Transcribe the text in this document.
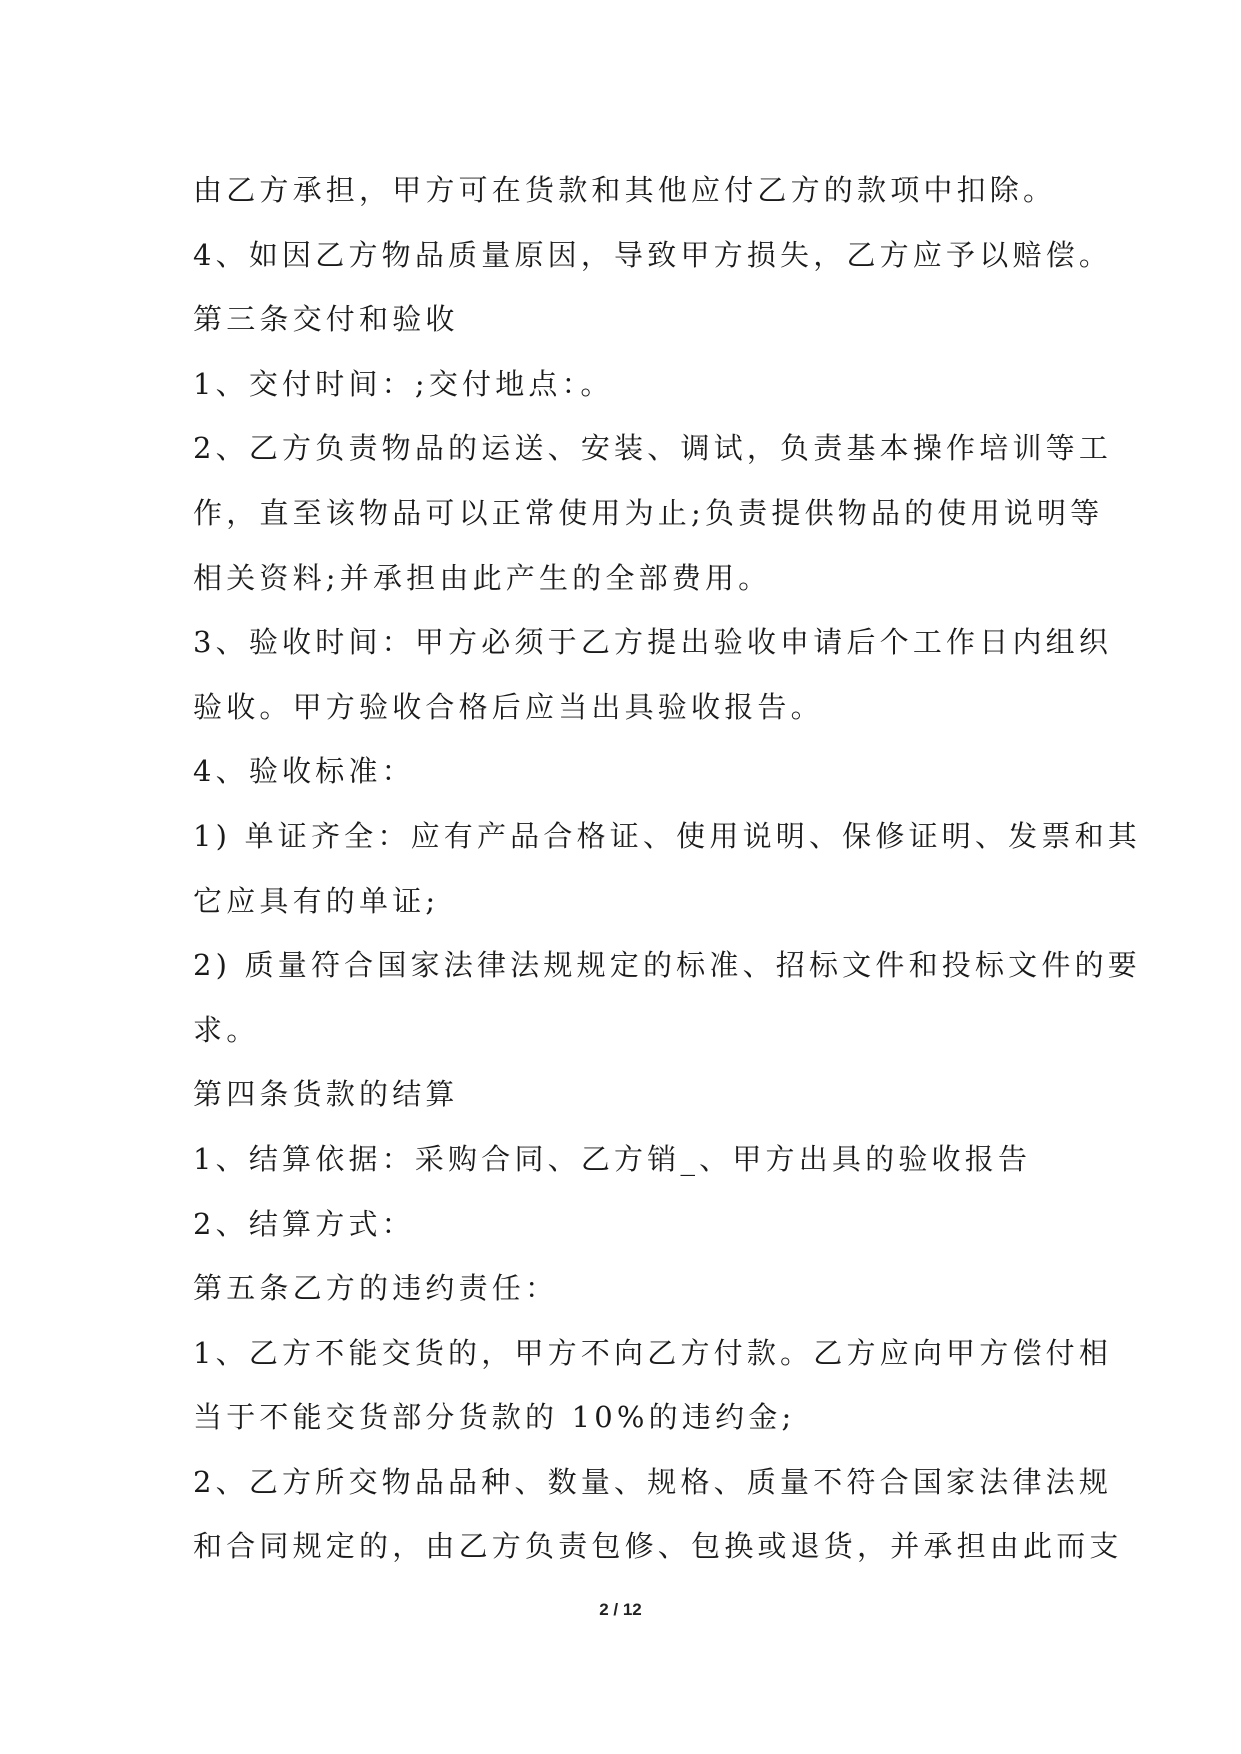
由乙方承担，甲方可在货款和其他应付乙方的款项中扣除。
4、如因乙方物品质量原因，导致甲方损失，乙方应予以赔偿。
第三条交付和验收
1、交付时间：;交付地点：。
2、乙方负责物品的运送、安装、调试，负责基本操作培训等工
作，直至该物品可以正常使用为止;负责提供物品的使用说明等
相关资料;并承担由此产生的全部费用。
3、验收时间：甲方必须于乙方提出验收申请后个工作日内组织
验收。甲方验收合格后应当出具验收报告。
4、验收标准：
1) 单证齐全：应有产品合格证、使用说明、保修证明、发票和其
它应具有的单证;
2) 质量符合国家法律法规规定的标准、招标文件和投标文件的要
求。
第四条货款的结算
1、结算依据：采购合同、乙方销_、甲方出具的验收报告
2、结算方式：
第五条乙方的违约责任：
1、乙方不能交货的，甲方不向乙方付款。乙方应向甲方偿付相
当于不能交货部分货款的 10%的违约金;
2、乙方所交物品品种、数量、规格、质量不符合国家法律法规
和合同规定的，由乙方负责包修、包换或退货，并承担由此而支
2 / 12
